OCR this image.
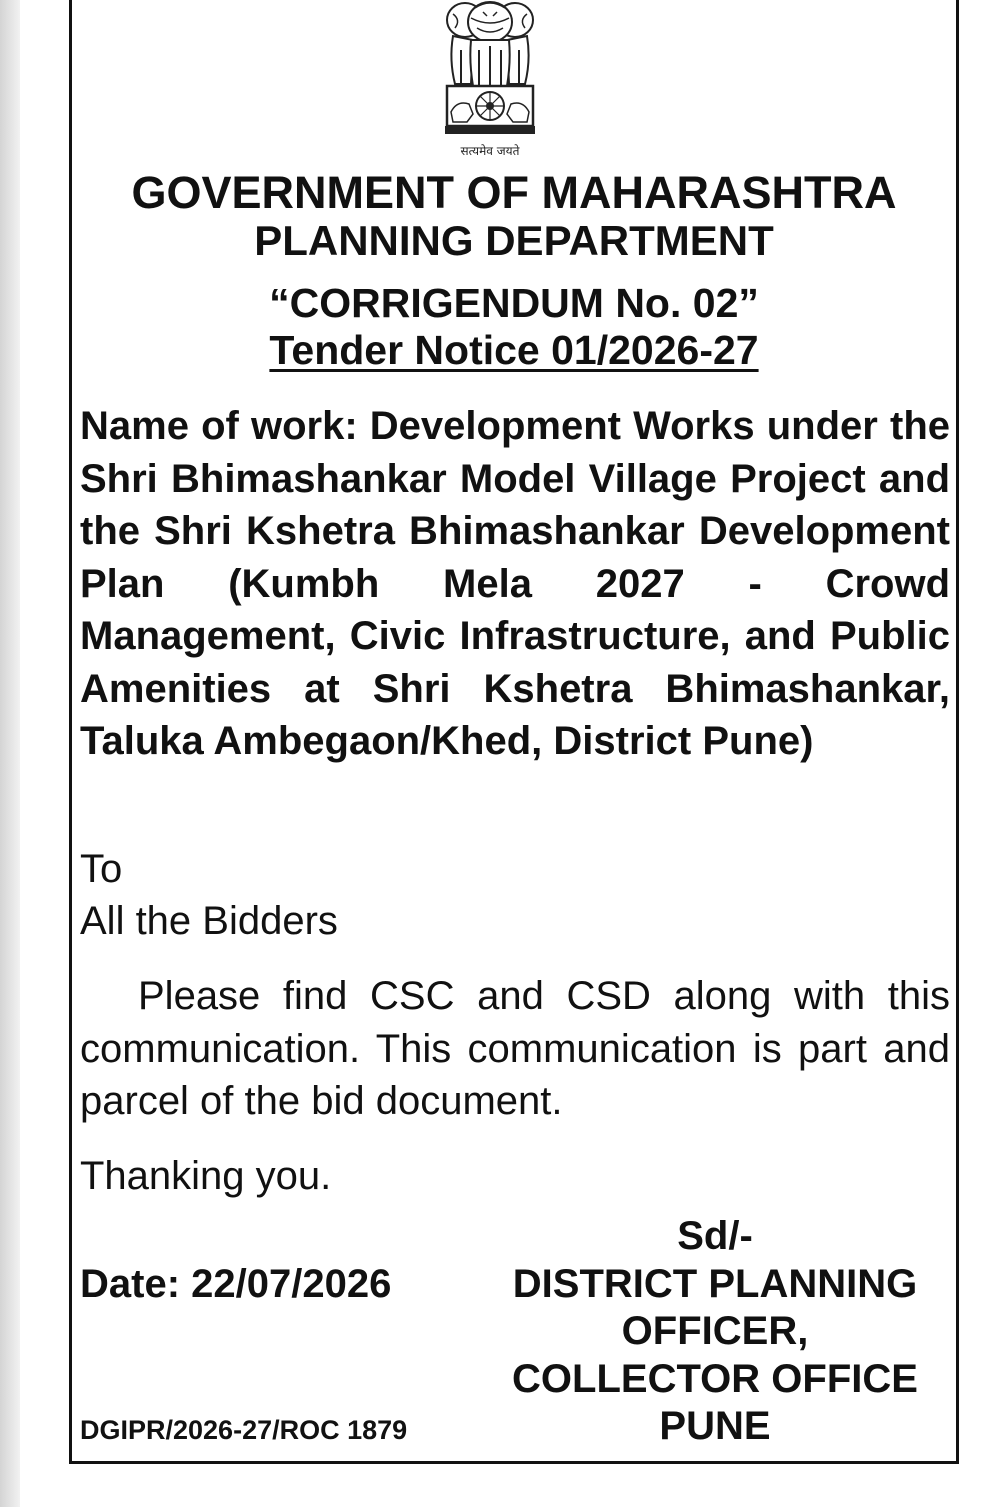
सत्यमेव जयते
GOVERNMENT OF MAHARASHTRA
PLANNING DEPARTMENT
“CORRIGENDUM No. 02”
Tender Notice 01/2026-27

Name of work: Development Works under the Shri Bhimashankar Model Village Project and the Shri Kshetra Bhimashankar Development Plan (Kumbh Mela 2027 - Crowd Management, Civic Infrastructure, and Public Amenities at Shri Kshetra Bhimashankar, Taluka Ambegaon/Khed, District Pune)

To
All the Bidders

Please find CSC and CSD along with this communication. This communication is part and parcel of the bid document.

Thanking you.

Date: 22/07/2026

DGIPR/2026-27/ROC 1879

Sd/-
DISTRICT PLANNING
OFFICER,
COLLECTOR OFFICE
PUNE
